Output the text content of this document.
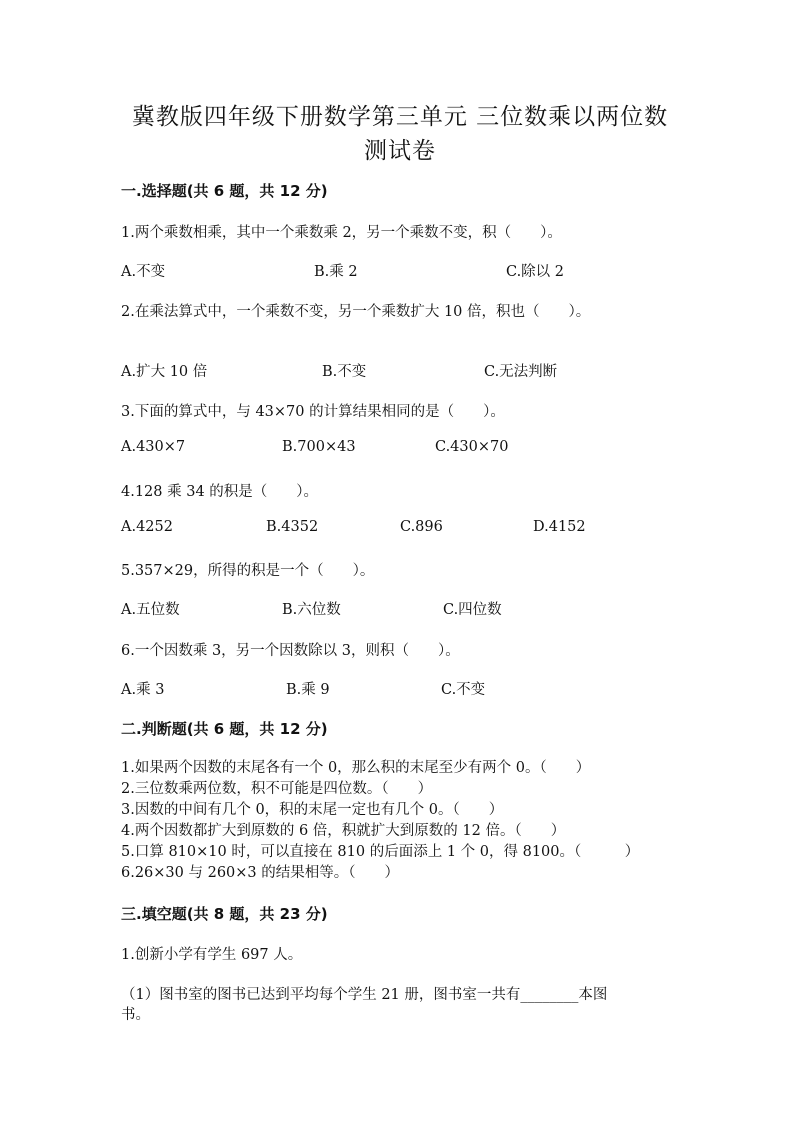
冀教版四年级下册数学第三单元 三位数乘以两位数
测试卷
一.选择题(共 6 题，共 12 分)
1.两个乘数相乘，其中一个乘数乘 2，另一个乘数不变，积（　　）。
A.不变	B.乘 2	C.除以 2
2.在乘法算式中，一个乘数不变，另一个乘数扩大 10 倍，积也（　　）。
A.扩大 10 倍	B.不变	C.无法判断
3.下面的算式中，与 43×70 的计算结果相同的是（　　）。
A.430×7	B.700×43	C.430×70
4.128 乘 34 的积是（　　）。
A.4252	B.4352	C.896	D.4152
5.357×29，所得的积是一个（　　）。
A.五位数	B.六位数	C.四位数
6.一个因数乘 3，另一个因数除以 3，则积（　　）。
A.乘 3	B.乘 9	C.不变
二.判断题(共 6 题，共 12 分)
1.如果两个因数的末尾各有一个 0，那么积的末尾至少有两个 0。（　　）
2.三位数乘两位数，积不可能是四位数。（　　）
3.因数的中间有几个 0，积的末尾一定也有几个 0。（　　）
4.两个因数都扩大到原数的 6 倍，积就扩大到原数的 12 倍。（　　）
5.口算 810×10 时，可以直接在 810 的后面添上 1 个 0，得 8100。（　　　）
6.26×30 与 260×3 的结果相等。（　　）
三.填空题(共 8 题，共 23 分)
1.创新小学有学生 697 人。
（1）图书室的图书已达到平均每个学生 21 册，图书室一共有________本图
书。
